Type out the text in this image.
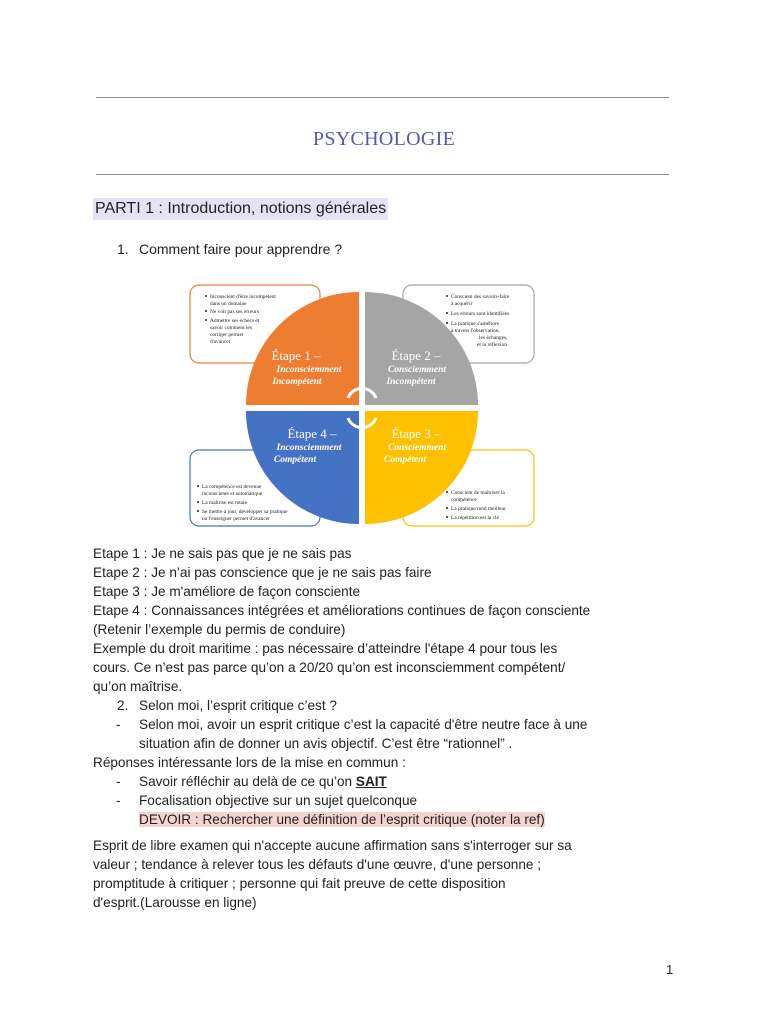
PSYCHOLOGIE
PARTI 1 : Introduction, notions générales
1. Comment faire pour apprendre ?
Étape 1 –
Inconsciemment
Incompétent
Étape 2 –
Consciemment
Incompétent
Étape 3 –
Consciemment
Compétent
Étape 4 –
Inconsciemment
Compétent
Inconscient d'être incompétent
dans un domaine
Ne voit pas ses erreurs
Admettre ses échecs et
savoir comment les
corriger permet
d'avancer
Conscient des savoirs-faire
à acquérir
Les erreurs sont identifiées
La pratique s'améliore
à travers l'observation,
les échanges,
et la réflexion
La compétence est devenue
inconsciente et automatique
La maîtrise est totale
Se mettre à jour, développer sa pratique
ou l'enseigner permet d'avancer
Conscient de maîtriser la
compétence
La pratique rend meilleur
La répétition est la clé
Etape 1 : Je ne sais pas que je ne sais pas
Etape 2 : Je n’ai pas conscience que je ne sais pas faire
Etape 3 : Je m'améliore de façon consciente
Etape 4 : Connaissances intégrées et améliorations continues de façon consciente
(Retenir l’exemple du permis de conduire)
Exemple du droit maritime : pas nécessaire d’atteindre l'étape 4 pour tous les
cours. Ce n’est pas parce qu’on a 20/20 qu’on est inconsciemment compétent/
qu’on maîtrise.
2. Selon moi, l’esprit critique c’est ?
- Selon moi, avoir un esprit critique c’est la capacité d'être neutre face à une
situation afin de donner un avis objectif. C’est être “rationnel” .
Réponses intéressante lors de la mise en commun :
- Savoir réfléchir au delà de ce qu’on SAIT
- Focalisation objective sur un sujet quelconque
DEVOIR : Rechercher une définition de l’esprit critique (noter la ref)
Esprit de libre examen qui n'accepte aucune affirmation sans s'interroger sur sa
valeur ; tendance à relever tous les défauts d'une œuvre, d'une personne ;
promptitude à critiquer ; personne qui fait preuve de cette disposition
d'esprit.(Larousse en ligne)
1
